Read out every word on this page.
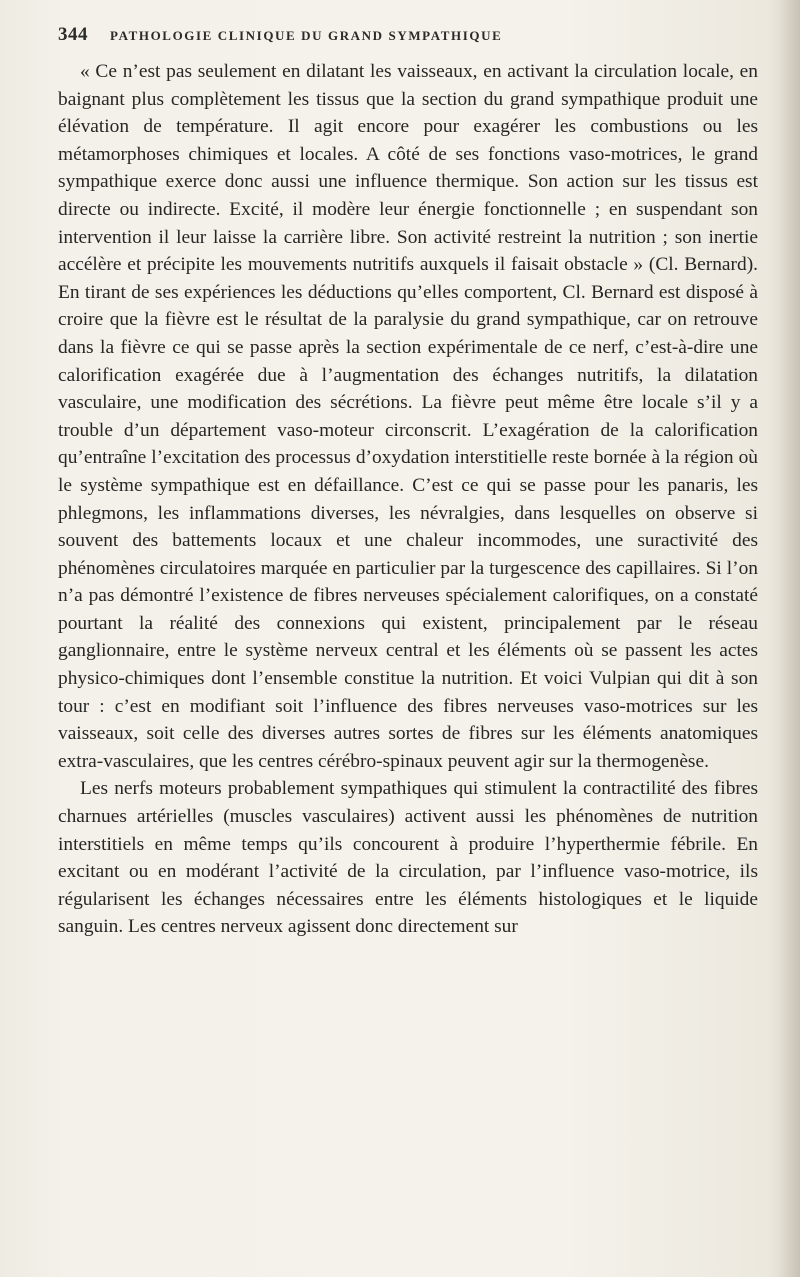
344 PATHOLOGIE CLINIQUE DU GRAND SYMPATHIQUE

« Ce n’est pas seulement en dilatant les vaisseaux, en activant la circulation locale, en baignant plus complètement les tissus que la section du grand sympathique produit une élévation de température. Il agit encore pour exagérer les combustions ou les métamorphoses chimiques et locales. A côté de ses fonctions vaso-motrices, le grand sympathique exerce donc aussi une influence thermique. Son action sur les tissus est directe ou indirecte. Excité, il modère leur énergie fonctionnelle ; en suspendant son intervention il leur laisse la carrière libre. Son activité restreint la nutrition ; son inertie accélère et précipite les mouvements nutritifs auxquels il faisait obstacle » (Cl. Bernard). En tirant de ses expériences les déductions qu’elles comportent, Cl. Bernard est disposé à croire que la fièvre est le résultat de la paralysie du grand sympathique, car on retrouve dans la fièvre ce qui se passe après la section expérimentale de ce nerf, c’est-à-dire une calorification exagérée due à l’augmentation des échanges nutritifs, la dilatation vasculaire, une modification des sécrétions. La fièvre peut même être locale s’il y a trouble d’un département vaso-moteur circonscrit. L’exagération de la calorification qu’entraîne l’excitation des processus d’oxydation interstitielle reste bornée à la région où le système sympathique est en défaillance. C’est ce qui se passe pour les panaris, les phlegmons, les inflammations diverses, les névralgies, dans lesquelles on observe si souvent des battements locaux et une chaleur incommodes, une suractivité des phénomènes circulatoires marquée en particulier par la turgescence des capillaires. Si l’on n’a pas démontré l’existence de fibres nerveuses spécialement calorifiques, on a constaté pourtant la réalité des connexions qui existent, principalement par le réseau ganglionnaire, entre le système nerveux central et les éléments où se passent les actes physico-chimiques dont l’ensemble constitue la nutrition. Et voici Vulpian qui dit à son tour : c’est en modifiant soit l’influence des fibres nerveuses vaso-motrices sur les vaisseaux, soit celle des diverses autres sortes de fibres sur les éléments anatomiques extra-vasculaires, que les centres cérébro-spinaux peuvent agir sur la thermogenèse.

Les nerfs moteurs probablement sympathiques qui stimulent la contractilité des fibres charnues artérielles (muscles vasculaires) activent aussi les phénomènes de nutrition interstitiels en même temps qu’ils concourent à produire l’hyperthermie fébrile. En excitant ou en modérant l’activité de la circulation, par l’influence vaso-motrice, ils régularisent les échanges nécessaires entre les éléments histologiques et le liquide sanguin. Les centres nerveux agissent donc directement sur
